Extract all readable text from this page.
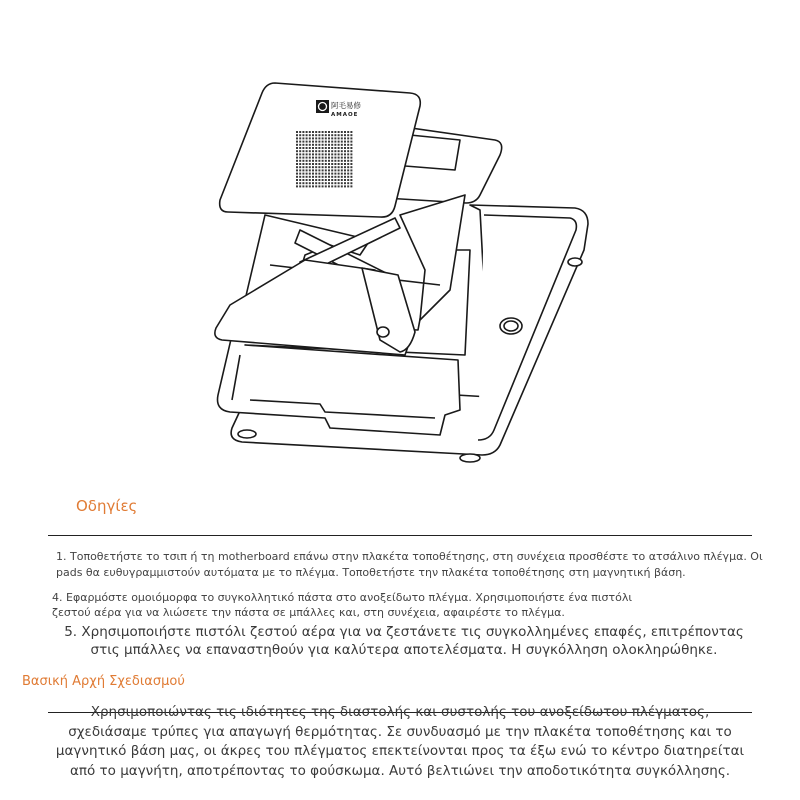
阿毛易修
AMAOE
Οδηγίες

1. Τοποθετήστε το τσιπ ή τη motherboard επάνω στην πλακέτα τοποθέτησης, στη συνέχεια προσθέστε το ατσάλινο πλέγμα. Οι pads θα ευθυγραμμιστούν αυτόματα με το πλέγμα. Τοποθετήστε την πλακέτα τοποθέτησης στη μαγνητική βάση.

4. Εφαρμόστε ομοιόμορφα το συγκολλητικό πάστα στο ανοξείδωτο πλέγμα. Χρησιμοποιήστε ένα πιστόλι ζεστού αέρα για να λιώσετε την πάστα σε μπάλλες και, στη συνέχεια, αφαιρέστε το πλέγμα.

5. Χρησιμοποιήστε πιστόλι ζεστού αέρα για να ζεστάνετε τις συγκολλημένες επαφές, επιτρέποντας στις μπάλλες να επαναστηθούν για καλύτερα αποτελέσματα. Η συγκόλληση ολοκληρώθηκε.

Βασική Αρχή Σχεδιασμού

Χρησιμοποιώντας τις ιδιότητες της διαστολής και συστολής του ανοξείδωτου πλέγματος, σχεδιάσαμε τρύπες για απαγωγή θερμότητας. Σε συνδυασμό με την πλακέτα τοποθέτησης και το μαγνητικό βάση μας, οι άκρες του πλέγματος επεκτείνονται προς τα έξω ενώ το κέντρο διατηρείται από το μαγνήτη, αποτρέποντας το φούσκωμα. Αυτό βελτιώνει την αποδοτικότητα συγκόλλησης.
